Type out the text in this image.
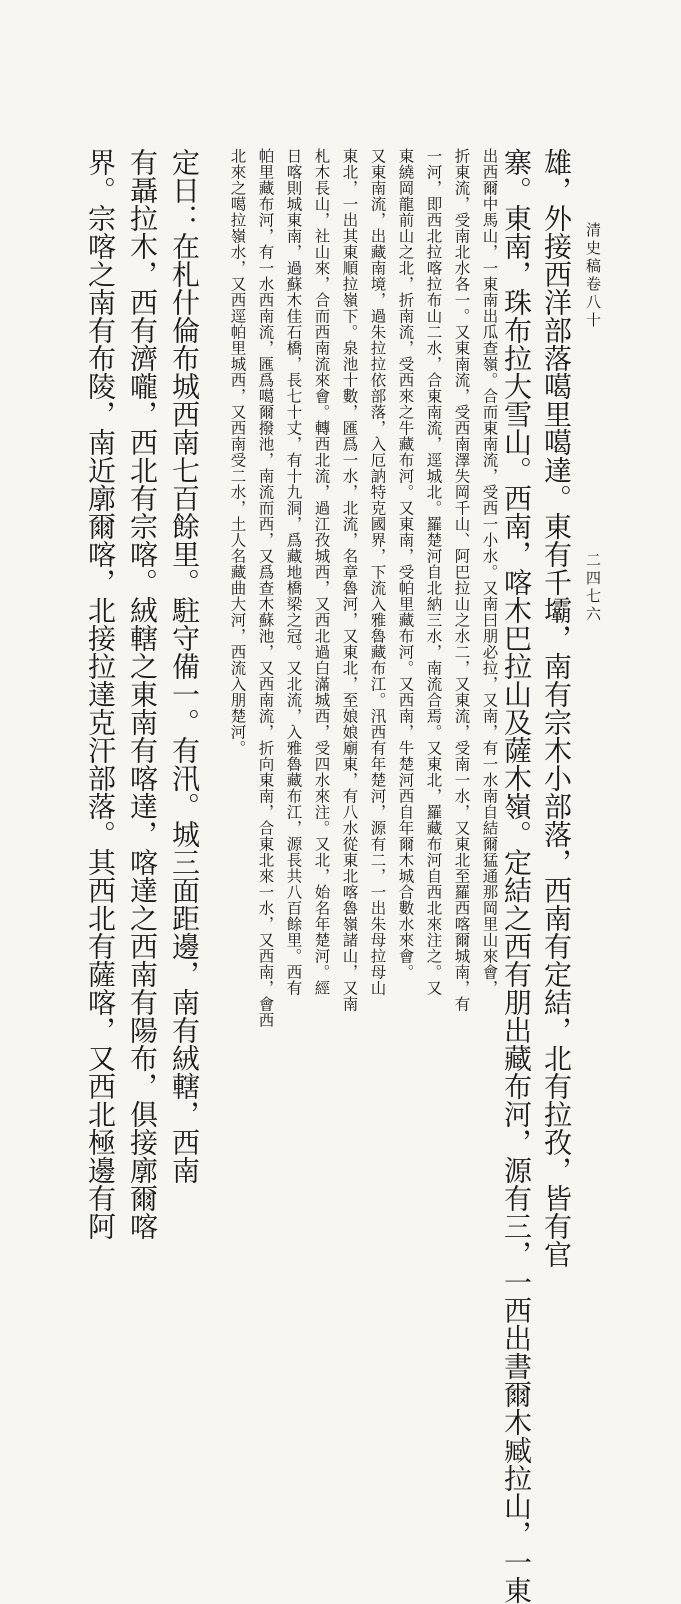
清史稿卷八十
二四七六
雄，外接西洋部落噶里噶達。東有千壩，南有宗木小部落，西南有定結，北有拉孜，皆有官
寨。東南，珠布拉大雪山。西南，喀木巴拉山及薩木嶺。定結之西有朋出藏布河，源有三，一西出書爾木臧拉山，一東
出西爾中馬山，一東南出瓜查嶺。合而東南流，受西一小水。又南曰朋必拉，又南，有一水南自結爾猛通那岡里山來會，
折東流，受南北水各一。又東南流，受西南澤失岡千山、阿巴拉山之水二，又東流，受南一水，又東北至羅西喀爾城南，有
一河，即西北拉喀拉布山二水，合東南流，逕城北。羅楚河自北納三水，南流合焉。又東北，羅藏布河自西北來注之。又
東繞岡龍前山之北，折南流，受西來之牛藏布河。又東南，受帕里藏布河。又西南，牛楚河西自年爾木城合數水來會。
又東南流，出藏南境，過朱拉拉依部落，入厄訥特克國界，下流入雅魯藏布江。汛西有年楚河，源有二，一出朱母拉母山
東北，一出其東順拉嶺下。泉池十數，匯爲一水，北流，名章魯河，又東北，至娘娘廟東，有八水從東北喀魯嶺諸山，又南
札木長山，社山來，合而西南流來會。轉西北流，過江孜城西，又西北過白滿城西，受四水來注。又北，始名年楚河。經
日喀則城東南，過蘇木佳石橋，長七十丈，有十九洞，爲藏地橋梁之冠。又北流，入雅魯藏布江，源長共八百餘里。西有
帕里藏布河，有一水西南流，匯爲噶爾撥池，南流而西，又爲查木蘇池，又西南流，折向東南，合東北來一水，又西南，會西
北來之噶拉嶺水，又西逕帕里城西，又西南受二水，土人名藏曲大河，西流入朋楚河。
定日：在札什倫布城西南七百餘里。駐守備一。有汛。城三面距邊，南有絨轄，西南
有聶拉木，西有濟嚨，西北有宗喀。絨轄之東南有喀達，喀達之西南有陽布，俱接廓爾喀
界。宗喀之南有布陵，南近廓爾喀，北接拉達克汗部落。其西北有薩喀，又西北極邊有阿
